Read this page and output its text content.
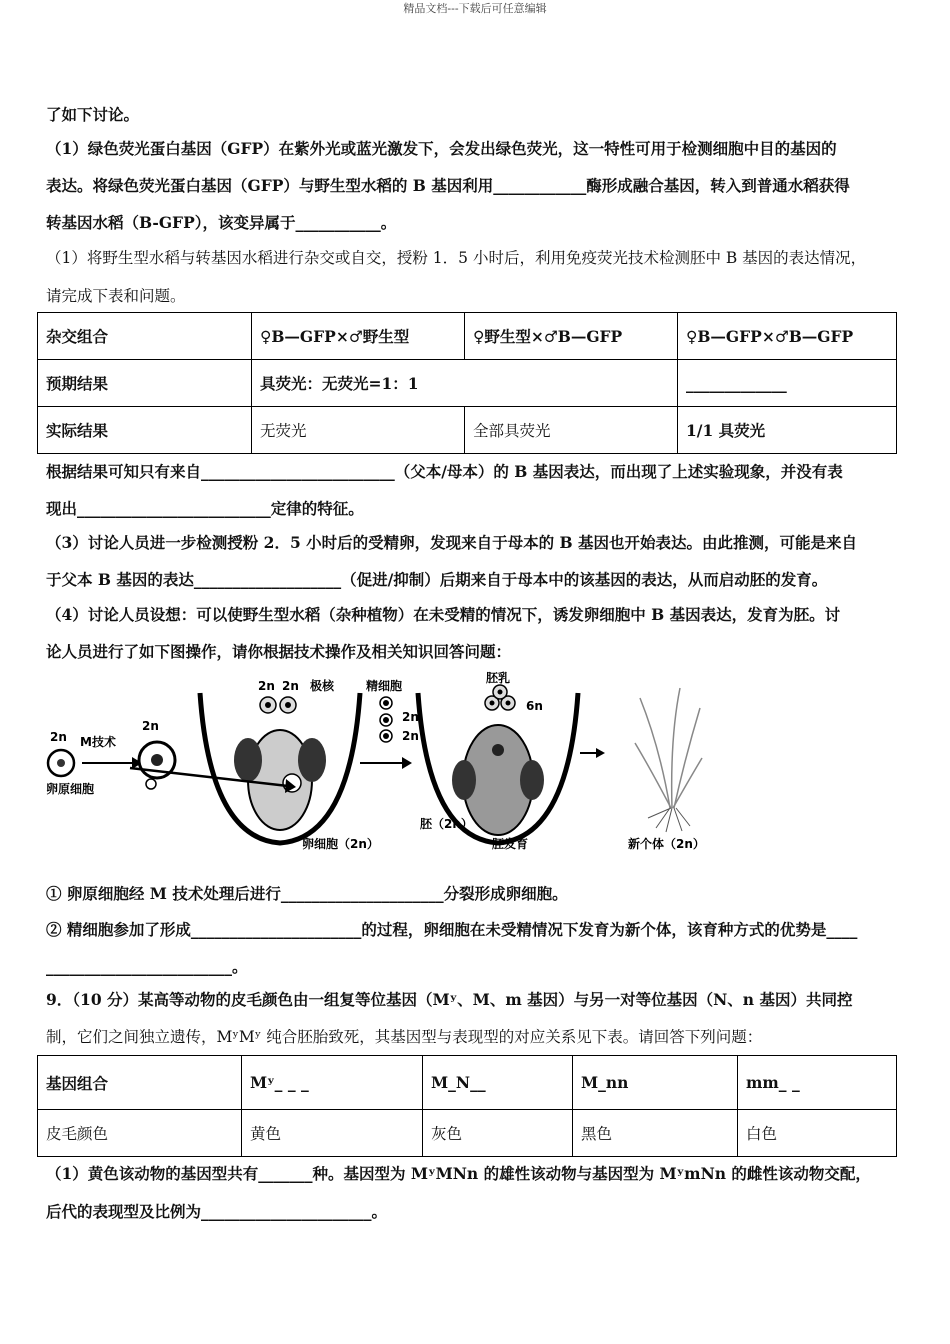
精品文档---下载后可任意编辑
了如下讨论。
（1）绿色荧光蛋白基因（GFP）在紫外光或蓝光激发下，会发出绿色荧光，这一特性可用于检测细胞中目的基因的
表达。将绿色荧光蛋白基因（GFP）与野生型水稻的 B 基因利用____________酶形成融合基因，转入到普通水稻获得
转基因水稻（B-GFP），该变异属于___________。
（1）将野生型水稻与转基因水稻进行杂交或自交，授粉 1．5 小时后，利用免疫荧光技术检测胚中 B 基因的表达情况，
请完成下表和问题。
杂交组合	♀B—GFP×♂野生型	♀野生型×♂B—GFP	♀B—GFP×♂B—GFP
预期结果	具荧光：无荧光=1：1		_____________
实际结果	无荧光	全部具荧光	1/1 具荧光
根据结果可知只有来自_________________________（父本/母本）的 B 基因表达，而出现了上述实验现象，并没有表
现出_________________________定律的特征。
（3）讨论人员进一步检测授粉 2．5 小时后的受精卵，发现来自于母本的 B 基因也开始表达。由此推测，可能是来自
于父本 B 基因的表达___________________（促进/抑制）后期来自于母本中的该基因的表达，从而启动胚的发育。
（4）讨论人员设想：可以使野生型水稻（杂种植物）在未受精的情况下，诱发卵细胞中 B 基因表达，发育为胚。讨
论人员进行了如下图操作，请你根据技术操作及相关知识回答问题：
2n
卵原细胞
M技术
2n
2n 2n 极核
卵细胞（2n）
精细胞
2n
2n
胚乳
6n
胚（2n）
胚发育	新个体（2n）
① 卵原细胞经 M 技术处理后进行_____________________分裂形成卵细胞。
② 精细胞参加了形成______________________的过程，卵细胞在未受精情况下发育为新个体，该育种方式的优势是____
________________________。
9．（10 分）某高等动物的皮毛颜色由一组复等位基因（Mʸ、M、m 基因）与另一对等位基因（N、n 基因）共同控
制，它们之间独立遗传，MʸMʸ 纯合胚胎致死，其基因型与表现型的对应关系见下表。请回答下列问题：
基因组合	Mʸ_ _ _	M_N__	M_nn	mm_ _
皮毛颜色	黄色	灰色	黑色	白色
（1）黄色该动物的基因型共有_______种。基因型为 MʸMNn 的雄性该动物与基因型为 MʸmNn 的雌性该动物交配，
后代的表现型及比例为______________________。
